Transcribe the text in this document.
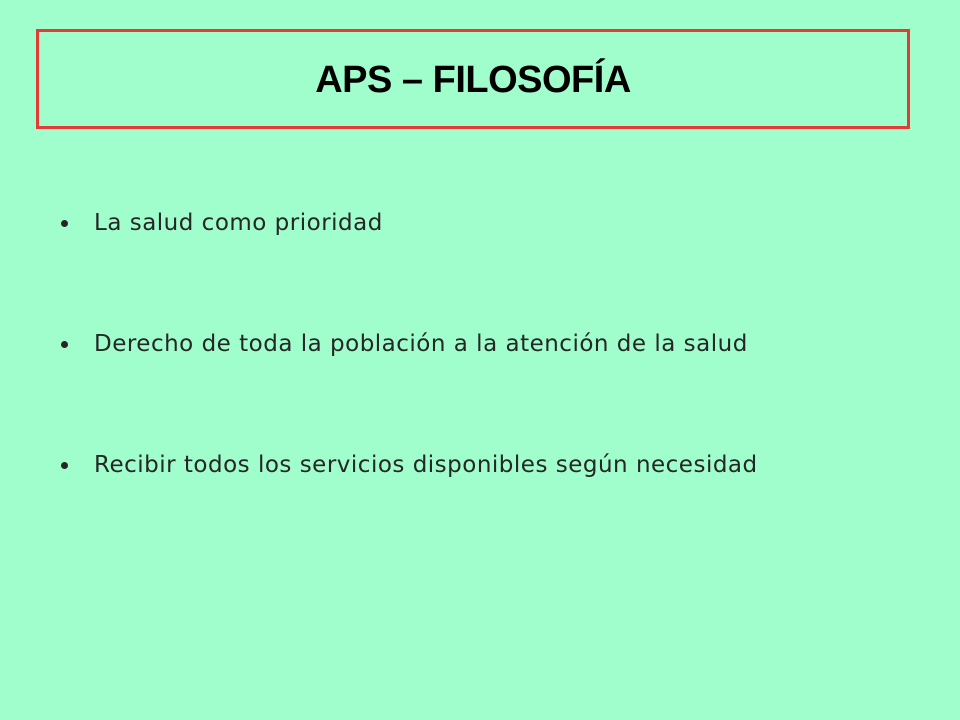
APS – FILOSOFÍA
La salud como prioridad
Derecho de toda la población a la atención de la salud
Recibir todos los servicios disponibles según necesidad
